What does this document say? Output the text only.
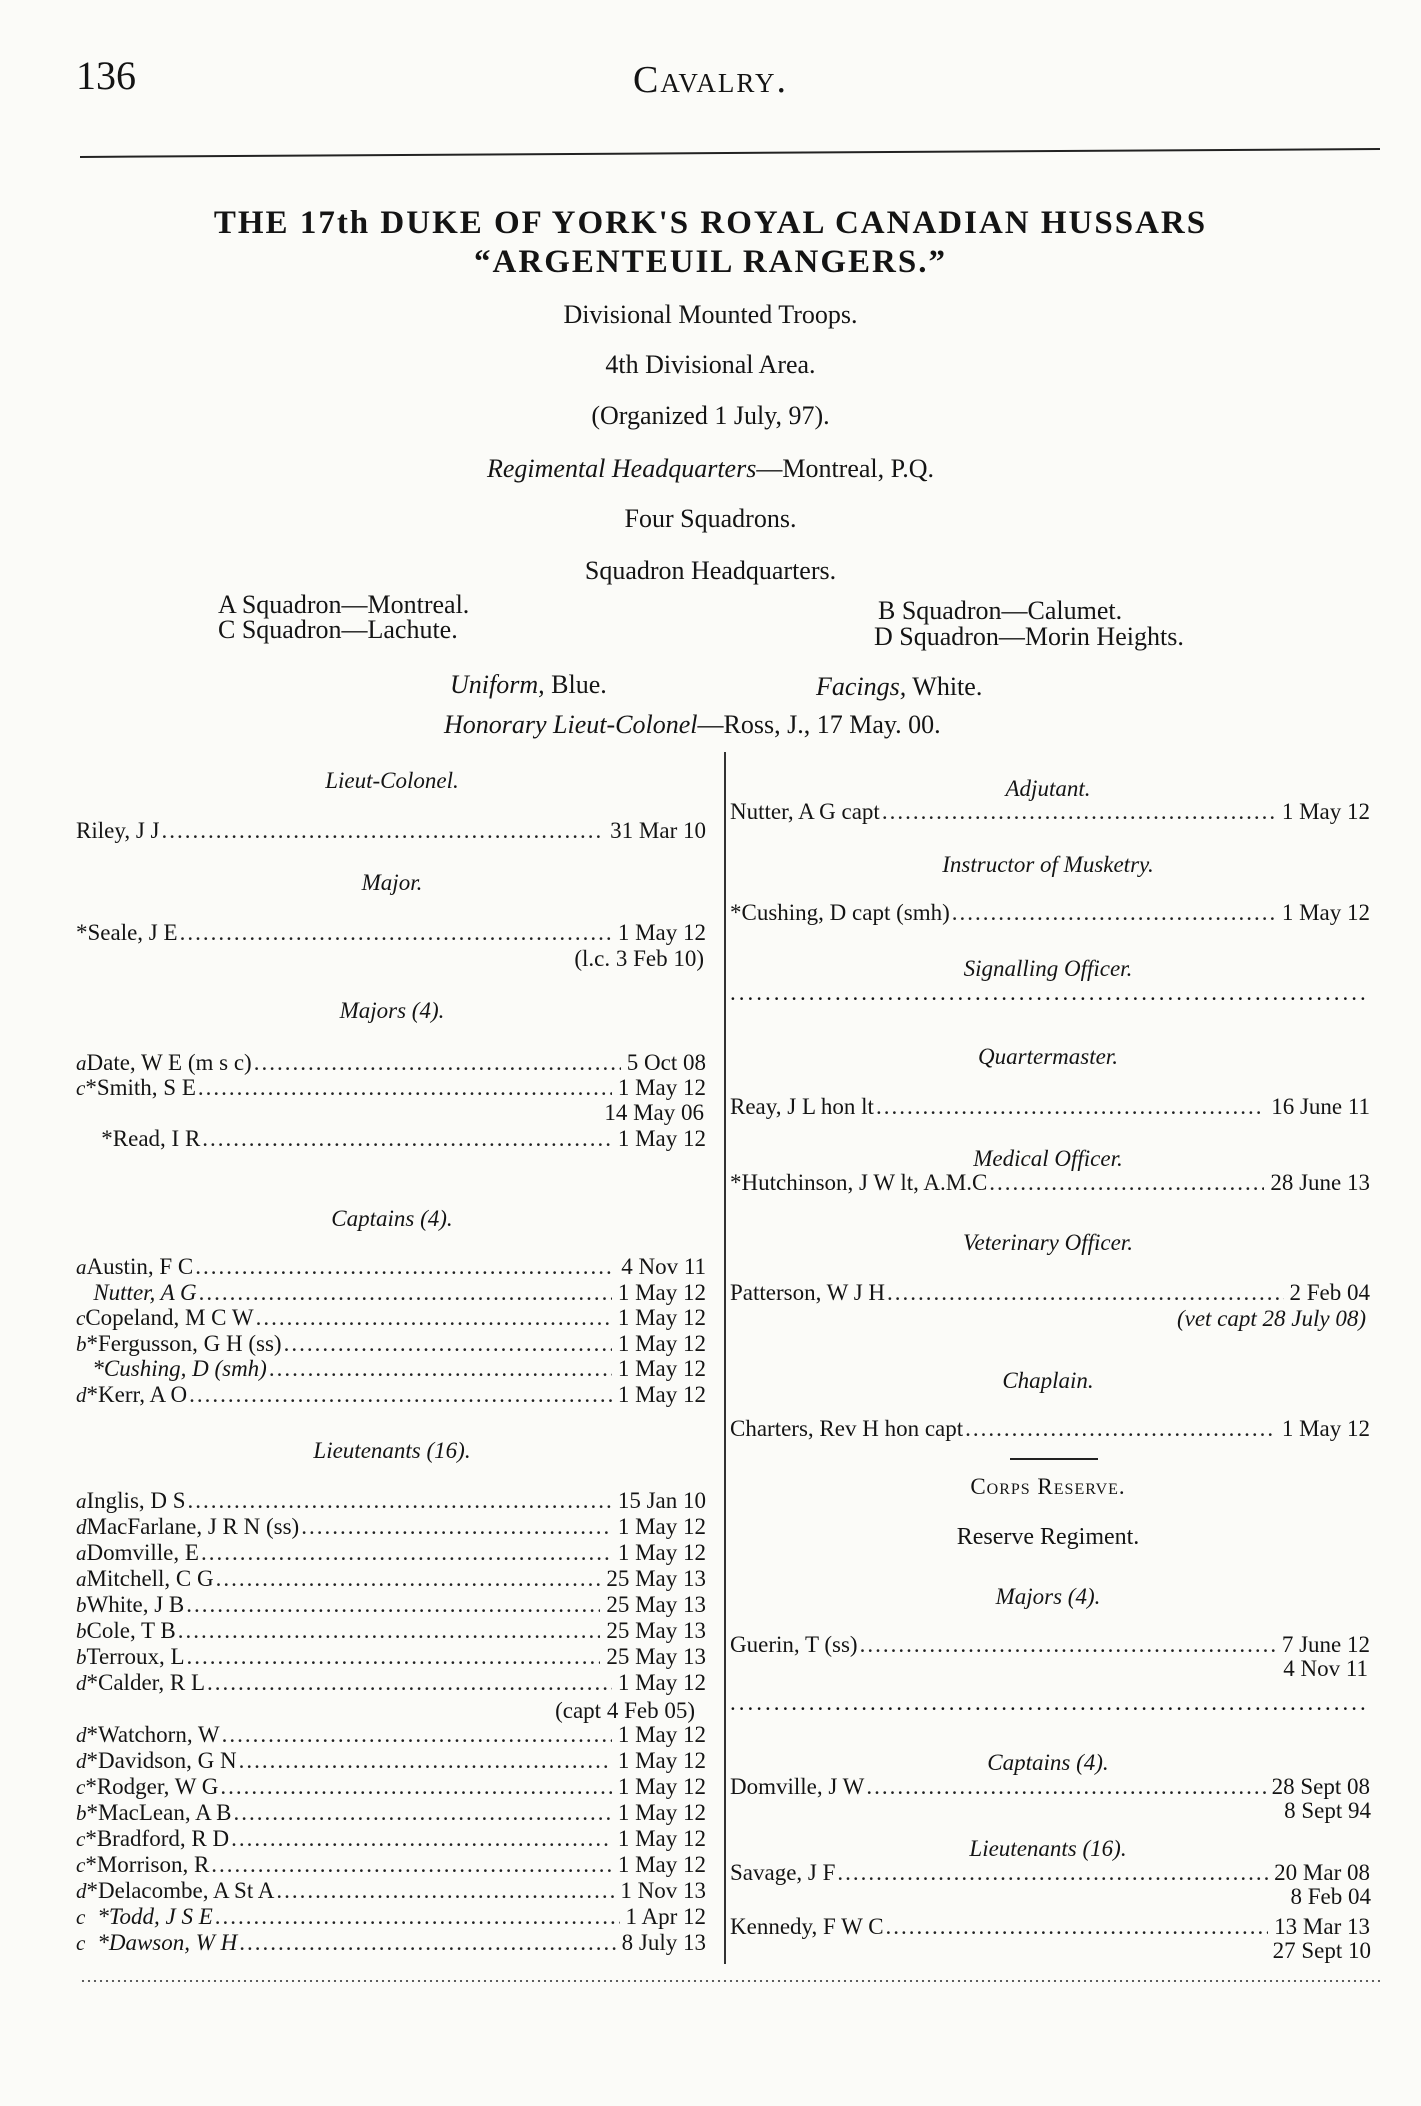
136	Cavalry.
THE 17th DUKE OF YORK'S ROYAL CANADIAN HUSSARS
“ARGENTEUIL RANGERS.”
Divisional Mounted Troops.
4th Divisional Area.
(Organized 1 July, 97).
Regimental Headquarters—Montreal, P.Q.
Four Squadrons.
Squadron Headquarters.
A Squadron—Montreal.
C Squadron—Lachute.
B Squadron—Calumet.
D Squadron—Morin Heights.
Uniform, Blue.	Facings, White.
Honorary Lieut-Colonel—Ross, J., 17 May. 00.
Lieut-Colonel.
Riley, J J .....	31 Mar 10
Major.
*Seale, J E .....	1 May 12
(l.c. 3 Feb 10)
Majors (4).
a Date, W E (m s c) .....	5 Oct 08
c *Smith, S E .....	1 May 12
14 May 06
*Read, I R .....	1 May 12
Captains (4).
a Austin, F C .....	4 Nov 11
Nutter, A G .....	1 May 12
c Copeland, M C W .....	1 May 12
b *Fergusson, G H (ss) .....	1 May 12
*Cushing, D (smh) .....	1 May 12
d *Kerr, A O .....	1 May 12
Lieutenants (16).
a Inglis, D S .....	15 Jan 10
d MacFarlane, J R N (ss) .....	1 May 12
a Domville, E .....	1 May 12
a Mitchell, C G .....	25 May 13
b White, J B .....	25 May 13
b Cole, T B .....	25 May 13
b Terroux, L .....	25 May 13
d *Calder, R L .....	1 May 12
(capt 4 Feb 05)
d *Watchorn, W .....	1 May 12
d *Davidson, G N .....	1 May 12
c *Rodger, W G .....	1 May 12
b *MacLean, A B .....	1 May 12
c *Bradford, R D .....	1 May 12
c *Morrison, R .....	1 May 12
d *Delacombe, A St A .....	1 Nov 13
c *Todd, J S E .....	1 Apr 12
c *Dawson, W H .....	8 July 13
Adjutant.
Nutter, A G capt .....	1 May 12
Instructor of Musketry.
*Cushing, D capt (smh) .....	1 May 12
Signalling Officer.
.....
Quartermaster.
Reay, J L hon lt .....	16 June 11
Medical Officer.
*Hutchinson, J W lt, A.M.C .....	28 June 13
Veterinary Officer.
Patterson, W J H .....	2 Feb 04
(vet capt 28 July 08)
Chaplain.
Charters, Rev H hon capt .....	1 May 12
Corps Reserve.
Reserve Regiment.
Majors (4).
Guerin, T (ss) .....	7 June 12
4 Nov 11
.....
Captains (4).
Domville, J W .....	28 Sept 08
8 Sept 94
Lieutenants (16).
Savage, J F .....	20 Mar 08
8 Feb 04
Kennedy, F W C .....	13 Mar 13
27 Sept 10
